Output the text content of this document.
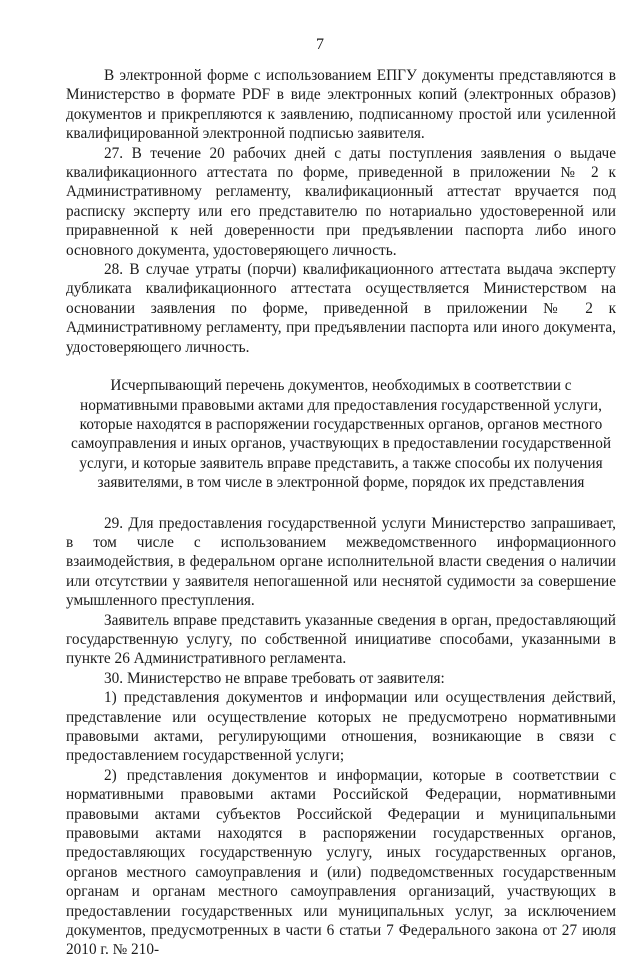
7

В электронной форме с использованием ЕПГУ документы представляются в Министерство в формате PDF в виде электронных копий (электронных образов) документов и прикрепляются к заявлению, подписанному простой или усиленной квалифицированной электронной подписью заявителя.

27. В течение 20 рабочих дней с даты поступления заявления о выдаче квалификационного аттестата по форме, приведенной в приложении № 2 к Административному регламенту, квалификационный аттестат вручается под расписку эксперту или его представителю по нотариально удостоверенной или приравненной к ней доверенности при предъявлении паспорта либо иного основного документа, удостоверяющего личность.

28. В случае утраты (порчи) квалификационного аттестата выдача эксперту дубликата квалификационного аттестата осуществляется Министерством на основании заявления по форме, приведенной в приложении № 2 к Административному регламенту, при предъявлении паспорта или иного документа, удостоверяющего личность.

Исчерпывающий перечень документов, необходимых в соответствии с нормативными правовыми актами для предоставления государственной услуги, которые находятся в распоряжении государственных органов, органов местного самоуправления и иных органов, участвующих в предоставлении государственной услуги, и которые заявитель вправе представить, а также способы их получения заявителями, в том числе в электронной форме, порядок их представления

29. Для предоставления государственной услуги Министерство запрашивает, в том числе с использованием межведомственного информационного взаимодействия, в федеральном органе исполнительной власти сведения о наличии или отсутствии у заявителя непогашенной или неснятой судимости за совершение умышленного преступления.

Заявитель вправе представить указанные сведения в орган, предоставляющий государственную услугу, по собственной инициативе способами, указанными в пункте 26 Административного регламента.

30. Министерство не вправе требовать от заявителя:

1) представления документов и информации или осуществления действий, представление или осуществление которых не предусмотрено нормативными правовыми актами, регулирующими отношения, возникающие в связи с предоставлением государственной услуги;

2) представления документов и информации, которые в соответствии с нормативными правовыми актами Российской Федерации, нормативными правовыми актами субъектов Российской Федерации и муниципальными правовыми актами находятся в распоряжении государственных органов, предоставляющих государственную услугу, иных государственных органов, органов местного самоуправления и (или) подведомственных государственным органам и органам местного самоуправления организаций, участвующих в предоставлении государственных или муниципальных услуг, за исключением документов, предусмотренных в части 6 статьи 7 Федерального закона от 27 июля 2010 г. № 210-
